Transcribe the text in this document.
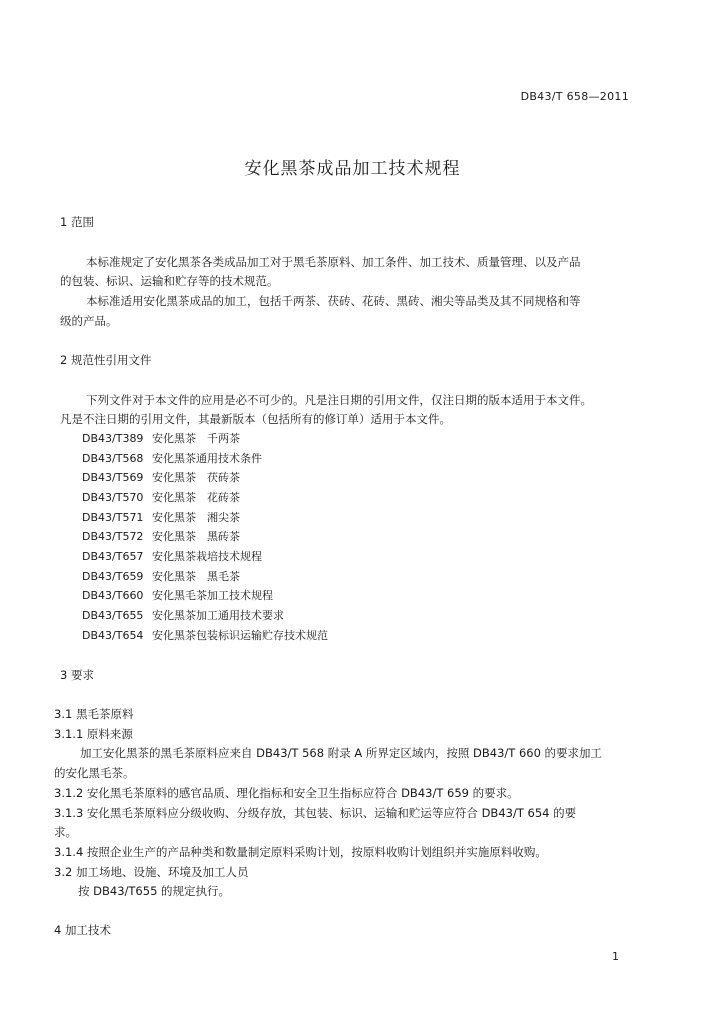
DB43/T 658—2011
安化黑茶成品加工技术规程
1 范围
本标准规定了安化黑茶各类成品加工对于黑毛茶原料、加工条件、加工技术、质量管理、以及产品
的包装、标识、运输和贮存等的技术规范。
本标准适用安化黑茶成品的加工，包括千两茶、茯砖、花砖、黑砖、湘尖等品类及其不同规格和等
级的产品。
2 规范性引用文件
下列文件对于本文件的应用是必不可少的。凡是注日期的引用文件，仅注日期的版本适用于本文件。
凡是不注日期的引用文件，其最新版本（包括所有的修订单）适用于本文件。
DB43/T389 安化黑茶　千两茶
DB43/T568 安化黑茶通用技术条件
DB43/T569 安化黑茶　茯砖茶
DB43/T570 安化黑茶　花砖茶
DB43/T571 安化黑茶　湘尖茶
DB43/T572 安化黑茶　黑砖茶
DB43/T657 安化黑茶栽培技术规程
DB43/T659 安化黑茶　黑毛茶
DB43/T660 安化黑毛茶加工技术规程
DB43/T655 安化黑茶加工通用技术要求
DB43/T654 安化黑茶包装标识运输贮存技术规范
3 要求
3.1 黑毛茶原料
3.1.1 原料来源
加工安化黑茶的黑毛茶原料应来自 DB43/T 568 附录 A 所界定区域内，按照 DB43/T 660 的要求加工
的安化黑毛茶。
3.1.2 安化黑毛茶原料的感官品质、理化指标和安全卫生指标应符合 DB43/T 659 的要求。
3.1.3 安化黑毛茶原料应分级收购、分级存放，其包装、标识、运输和贮运等应符合 DB43/T 654 的要
求。
3.1.4 按照企业生产的产品种类和数量制定原料采购计划，按原料收购计划组织并实施原料收购。
3.2 加工场地、设施、环境及加工人员
按 DB43/T655 的规定执行。
4 加工技术
1
